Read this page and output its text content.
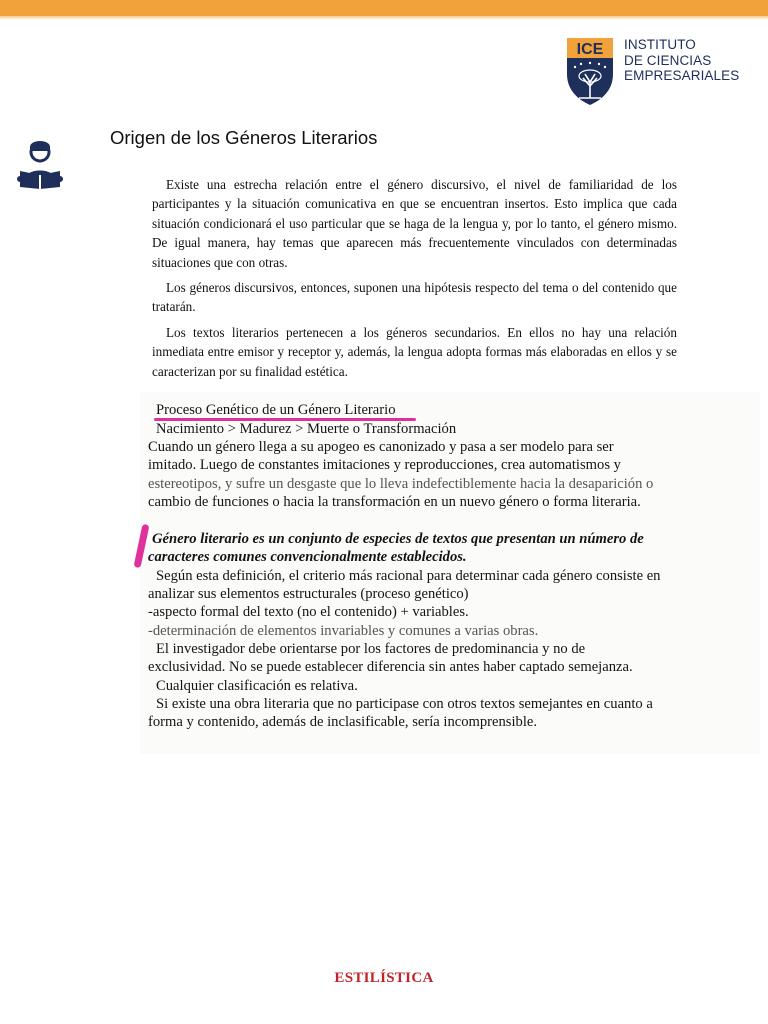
ICE INSTITUTO
DE CIENCIAS
EMPRESARIALES
Origen de los Géneros Literarios

Existe una estrecha relación entre el género discursivo, el nivel de familiaridad de los participantes y la situación comunicativa en que se encuentran insertos. Esto implica que cada situación condicionará el uso particular que se haga de la lengua y, por lo tanto, el género mismo. De igual manera, hay temas que aparecen más frecuentemente vinculados con determinadas situaciones que con otras.

Los géneros discursivos, entonces, suponen una hipótesis respecto del tema o del contenido que tratarán.

Los textos literarios pertenecen a los géneros secundarios. En ellos no hay una relación inmediata entre emisor y receptor y, además, la lengua adopta formas más elaboradas en ellos y se caracterizan por su finalidad estética.

Proceso Genético de un Género Literario
Nacimiento > Madurez > Muerte o Transformación
Cuando un género llega a su apogeo es canonizado y pasa a ser modelo para ser
imitado. Luego de constantes imitaciones y reproducciones, crea automatismos y
estereotipos, y sufre un desgaste que lo lleva indefectiblemente hacia la desaparición o
cambio de funciones o hacia la transformación en un nuevo género o forma literaria.
Género literario es un conjunto de especies de textos que presentan un número de
caracteres comunes convencionalmente establecidos.
Según esta definición, el criterio más racional para determinar cada género consiste en
analizar sus elementos estructurales (proceso genético)
-aspecto formal del texto (no el contenido) + variables.
-determinación de elementos invariables y comunes a varias obras.
El investigador debe orientarse por los factores de predominancia y no de
exclusividad. No se puede establecer diferencia sin antes haber captado semejanza.
Cualquier clasificación es relativa.
Si existe una obra literaria que no participase con otros textos semejantes en cuanto a
forma y contenido, además de inclasificable, sería incomprensible.
ESTILÍSTICA
